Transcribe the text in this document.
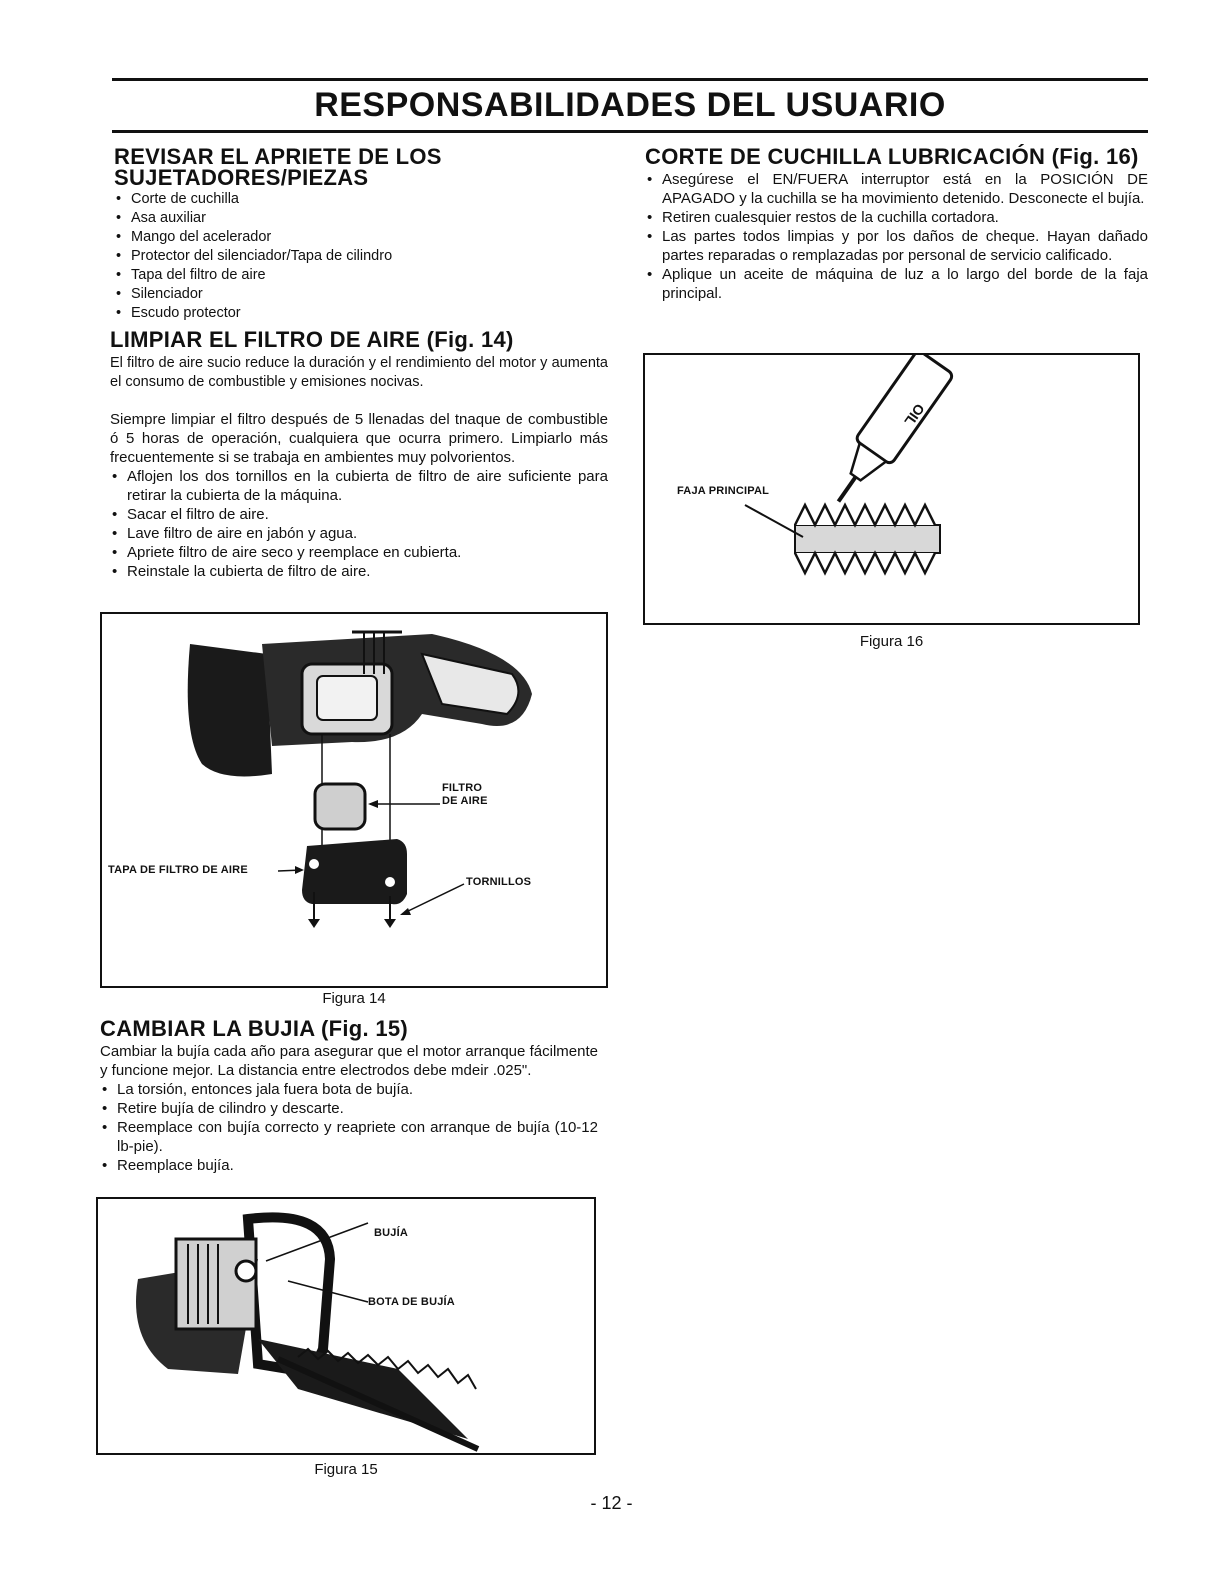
RESPONSABILIDADES DEL USUARIO
REVISAR EL APRIETE DE LOS
SUJETADORES/PIEZAS
• Corte de cuchilla
• Asa auxiliar
• Mango del acelerador
• Protector del silenciador/Tapa de cilindro
• Tapa del filtro de aire
• Silenciador
• Escudo protector
LIMPIAR EL FILTRO DE AIRE (Fig. 14)

El filtro de aire sucio reduce la duración y el rendimiento del motor y aumenta el consumo de combustible y emisiones nocivas.

Siempre limpiar el filtro después de 5 llenadas del tnaque de combustible ó 5 horas de operación, cualquiera que ocurra primero. Limpiarlo más frecuentemente si se trabaja en ambientes muy polvorientos.

• Aflojen los dos tornillos en la cubierta de filtro de aire suficiente para retirar la cubierta de la máquina.
• Sacar el filtro de aire.
• Lave filtro de aire en jabón y agua.
• Apriete filtro de aire seco y reemplace en cubierta.
• Reinstale la cubierta de filtro de aire.
FILTRO
DE AIRE
TAPA DE FILTRO DE AIRE
TORNILLOS
Figura 14
CAMBIAR LA BUJIA (Fig. 15)

Cambiar la bujía cada año para asegurar que el motor arranque fácilmente y funcione mejor. La distancia entre electrodos debe mdeir .025".

• La torsión, entonces jala fuera bota de bujía.
• Retire bujía de cilindro y descarte.
• Reemplace con bujía correcto y reapriete con arranque de bujía (10-12 lb-pie).
• Reemplace bujía.
BUJÍA
BOTA DE BUJÍA
Figura 15
CORTE DE CUCHILLA LUBRICACIÓN (Fig. 16)
• Asegúrese el EN/FUERA interruptor está en la POSICIÓN DE APAGADO y la cuchilla se ha movimiento detenido. Desconecte el bujía.
• Retiren cualesquier restos de la cuchilla cortadora.
• Las partes todos limpias y por los daños de cheque. Hayan dañado partes reparadas o remplazadas por personal de servicio calificado.
• Aplique un aceite de máquina de luz a lo largo del borde de la faja principal.
OIL
FAJA PRINCIPAL
Figura 16
- 12 -
